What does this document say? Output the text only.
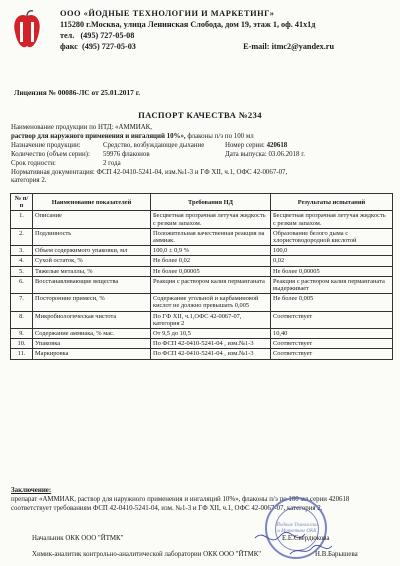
ООО «ЙОДНЫЕ ТЕХНОЛОГИИ И МАРКЕТИНГ»
115280 г.Москва, улица Ленинская Слобода, дом 19, этаж 1, оф. 41х1д
тел. (495) 727-05-08
факс (495) 727-05-03	E-mail: itmc2@yandex.ru
Лицензия № 00086-ЛС от 25.01.2017 г.
ПАСПОРТ КАЧЕСТВА №234
Наименование продукции по НТД: «АММИАК,
раствор для наружного применения и ингаляций 10%», флаконы п/э по 100 мл
Назначение продукции:	Средство, возбуждающее дыхание	Номер серии: 420618
Количество (объем серии):	59976 флаконов	Дата выпуска: 03.06.2018 г.
Срок годности:	2 года
Нормативная документация: ФСП 42-0410-5241-04, изм.№1-3 и ГФ XII, ч.1, ОФС 42-0067-07,
категория 2.
№ п/п	Наименование показателей	Требования НД	Результаты испытаний
1.	Описание	Бесцветная прозрачная летучая жидкость с резким запахом.	Бесцветная прозрачная летучая жидкость с резким запахом.
2.	Подлинность	Положительная качественная реакция на аммиак.	Образование белого дыма с хлористоводородной кислотой
3.	Объем содержимого упаковки, мл	100,0 ± 0,9 %	100,0
4.	Сухой остаток, %	Не более 0,02	0,02
5.	Тяжелые металлы, %	Не более 0,00005	Не более 0,00005
6.	Восстанавливающие вещества	Реакция с раствором калия перманганата	Реакция с раствором калия перманганата выдерживает
7.	Посторонние примеси, %	Содержание угольной и карбаминовой кислот не должно превышать 0,005	Не более 0,005
8.	Микробиологическая чистота	По ГФ XII, ч.1,ОФС 42-0067-07, категория 2	Соответствует
9.	Содержание аммиака, % мас.	От 9,5 до 10,5	10,40
10.	Упаковка	По ФСП 42-0410-5241-04 , изм.№1-3	Соответствует
11.	Маркировка	По ФСП 42-0410-5241-04 , изм.№1-3	Соответствует
Заключение:
препарат «АММИАК, раствор для наружного применения и ингаляций 10%», флаконы п/э по 100 мл серии 420618 соответствует требованиям ФСП 42-0410-5241-04, изм. №1-3 и ГФ XII, ч.1, ОФС 42-0067-07, категория 2.
Йодные Технологии и Маркетинг ОКК
Начальник ОКК ООО "ЙТМК"	Е.Е.Свердюкова
Химик-аналитик контрольно-аналитической лаборатории ОКК ООО "ЙТМК"	Н.В.Барышева
